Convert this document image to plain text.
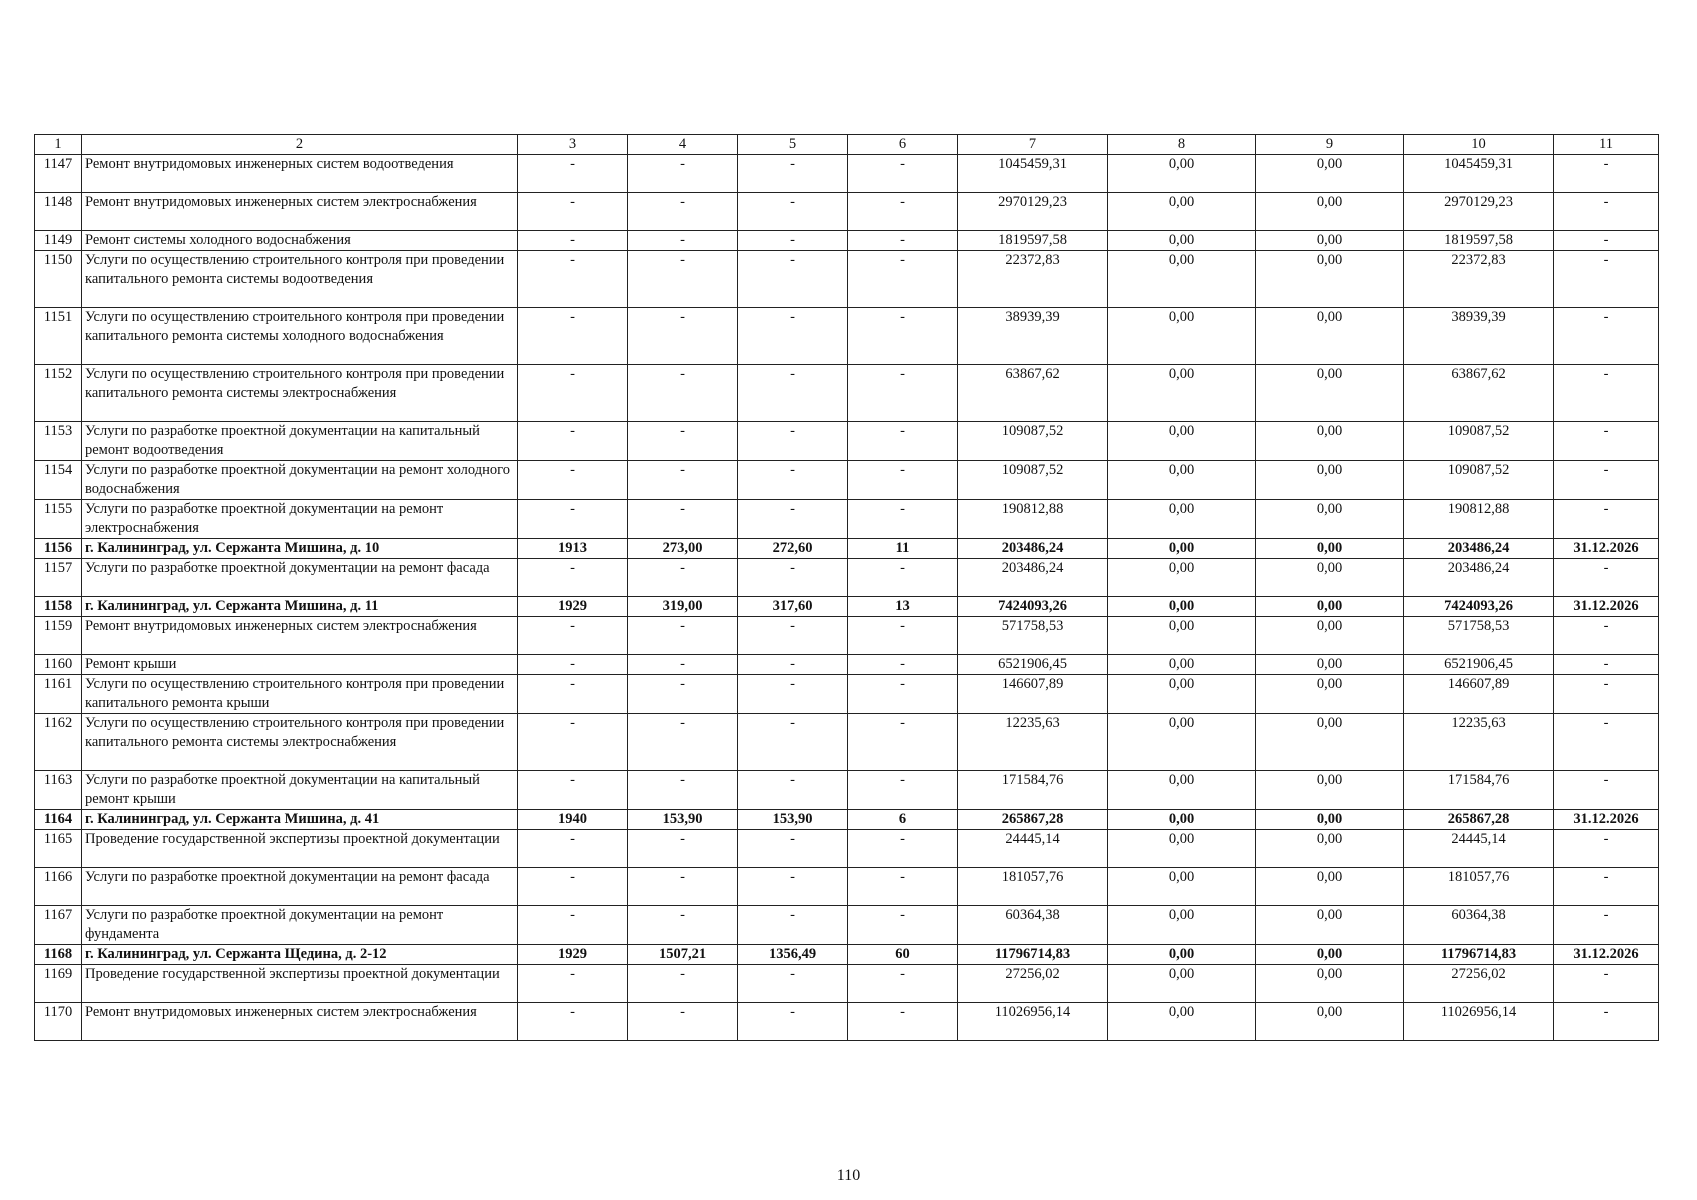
1	2	3	4	5	6	7	8	9	10	11
1147	Ремонт внутридомовых инженерных систем водоотведения	-	-	-	-	1045459,31	0,00	0,00	1045459,31	-
1148	Ремонт внутридомовых инженерных систем электроснабжения	-	-	-	-	2970129,23	0,00	0,00	2970129,23	-
1149	Ремонт системы холодного водоснабжения	-	-	-	-	1819597,58	0,00	0,00	1819597,58	-
1150	Услуги по осуществлению строительного контроля при проведении капитального ремонта системы водоотведения	-	-	-	-	22372,83	0,00	0,00	22372,83	-
1151	Услуги по осуществлению строительного контроля при проведении капитального ремонта системы холодного водоснабжения	-	-	-	-	38939,39	0,00	0,00	38939,39	-
1152	Услуги по осуществлению строительного контроля при проведении капитального ремонта системы электроснабжения	-	-	-	-	63867,62	0,00	0,00	63867,62	-
1153	Услуги по разработке проектной документации на капитальный ремонт водоотведения	-	-	-	-	109087,52	0,00	0,00	109087,52	-
1154	Услуги по разработке проектной документации на ремонт холодного водоснабжения	-	-	-	-	109087,52	0,00	0,00	109087,52	-
1155	Услуги по разработке проектной документации на ремонт электроснабжения	-	-	-	-	190812,88	0,00	0,00	190812,88	-
1156	г. Калининград, ул. Сержанта Мишина, д. 10	1913	273,00	272,60	11	203486,24	0,00	0,00	203486,24	31.12.2026
1157	Услуги по разработке проектной документации на ремонт фасада	-	-	-	-	203486,24	0,00	0,00	203486,24	-
1158	г. Калининград, ул. Сержанта Мишина, д. 11	1929	319,00	317,60	13	7424093,26	0,00	0,00	7424093,26	31.12.2026
1159	Ремонт внутридомовых инженерных систем электроснабжения	-	-	-	-	571758,53	0,00	0,00	571758,53	-
1160	Ремонт крыши	-	-	-	-	6521906,45	0,00	0,00	6521906,45	-
1161	Услуги по осуществлению строительного контроля при проведении капитального ремонта крыши	-	-	-	-	146607,89	0,00	0,00	146607,89	-
1162	Услуги по осуществлению строительного контроля при проведении капитального ремонта системы электроснабжения	-	-	-	-	12235,63	0,00	0,00	12235,63	-
1163	Услуги по разработке проектной документации на капитальный ремонт крыши	-	-	-	-	171584,76	0,00	0,00	171584,76	-
1164	г. Калининград, ул. Сержанта Мишина, д. 41	1940	153,90	153,90	6	265867,28	0,00	0,00	265867,28	31.12.2026
1165	Проведение государственной экспертизы проектной документации	-	-	-	-	24445,14	0,00	0,00	24445,14	-
1166	Услуги по разработке проектной документации на ремонт фасада	-	-	-	-	181057,76	0,00	0,00	181057,76	-
1167	Услуги по разработке проектной документации на ремонт фундамента	-	-	-	-	60364,38	0,00	0,00	60364,38	-
1168	г. Калининград, ул. Сержанта Щедина, д. 2-12	1929	1507,21	1356,49	60	11796714,83	0,00	0,00	11796714,83	31.12.2026
1169	Проведение государственной экспертизы проектной документации	-	-	-	-	27256,02	0,00	0,00	27256,02	-
1170	Ремонт внутридомовых инженерных систем электроснабжения	-	-	-	-	11026956,14	0,00	0,00	11026956,14	-
110
